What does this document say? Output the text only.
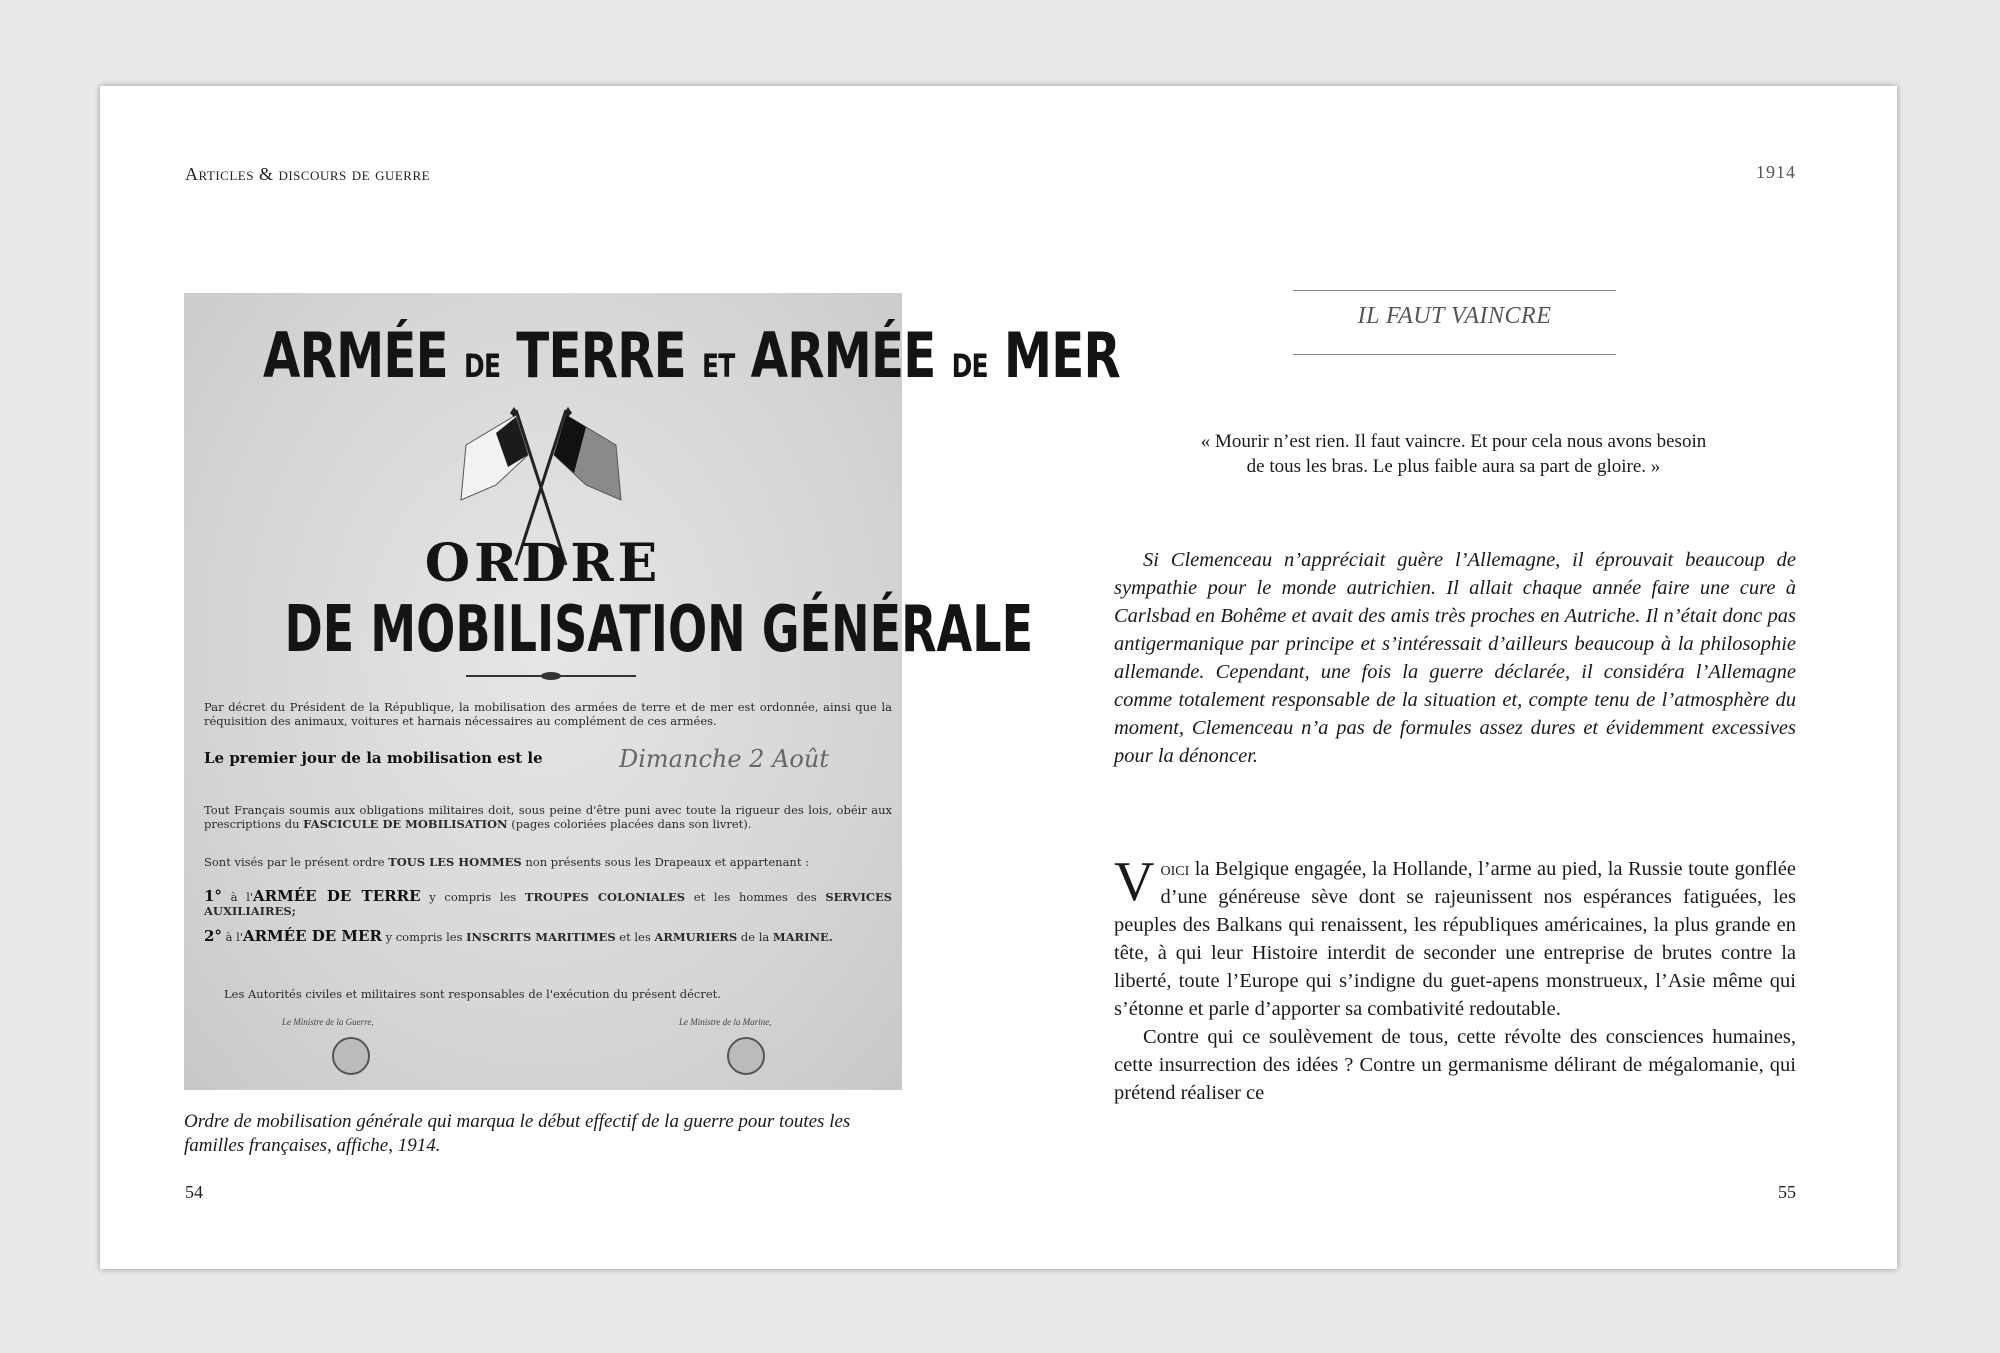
Articles & discours de guerre	1914
ARMÉE DE TERRE ET ARMÉE DE MER
ORDRE
DE MOBILISATION GÉNÉRALE
Par décret du Président de la République, la mobilisation des armées de terre et de mer est ordonnée, ainsi que la réquisition des animaux, voitures et harnais nécessaires au complément de ces armées.
Le premier jour de la mobilisation est le	Dimanche 2 Août
Tout Français soumis aux obligations militaires doit, sous peine d'être puni avec toute la rigueur des lois, obéir aux prescriptions du FASCICULE DE MOBILISATION (pages coloriées placées dans son livret).
Sont visés par le présent ordre TOUS LES HOMMES non présents sous les Drapeaux et appartenant :
1° à l'ARMÉE DE TERRE y compris les TROUPES COLONIALES et les hommes des SERVICES AUXILIAIRES;
2° à l'ARMÉE DE MER y compris les INSCRITS MARITIMES et les ARMURIERS de la MARINE.
Les Autorités civiles et militaires sont responsables de l'exécution du présent décret.
Le Ministre de la Guerre,	Le Ministre de la Marine,
Ordre de mobilisation générale qui marqua le début effectif de la guerre pour toutes les familles françaises, affiche, 1914.
54
IL FAUT VAINCRE
« Mourir n’est rien. Il faut vaincre. Et pour cela nous avons besoin de tous les bras. Le plus faible aura sa part de gloire. »

Si Clemenceau n’appréciait guère l’Allemagne, il éprouvait beaucoup de sympathie pour le monde autrichien. Il allait chaque année faire une cure à Carlsbad en Bohême et avait des amis très proches en Autriche. Il n’était donc pas antigermanique par principe et s’intéressait d’ailleurs beaucoup à la philosophie allemande. Cependant, une fois la guerre déclarée, il considéra l’Allemagne comme totalement responsable de la situation et, compte tenu de l’atmosphère du moment, Clemenceau n’a pas de formules assez dures et évidemment excessives pour la dénoncer.

Voici la Belgique engagée, la Hollande, l’arme au pied, la Russie toute gonflée d’une généreuse sève dont se rajeunissent nos espérances fatiguées, les peuples des Balkans qui renaissent, les républiques américaines, la plus grande en tête, à qui leur Histoire interdit de seconder une entreprise de brutes contre la liberté, toute l’Europe qui s’indigne du guet-apens monstrueux, l’Asie même qui s’étonne et parle d’apporter sa combativité redoutable.

Contre qui ce soulèvement de tous, cette révolte des consciences humaines, cette insurrection des idées ? Contre un germanisme délirant de mégalomanie, qui prétend réaliser ce

55
